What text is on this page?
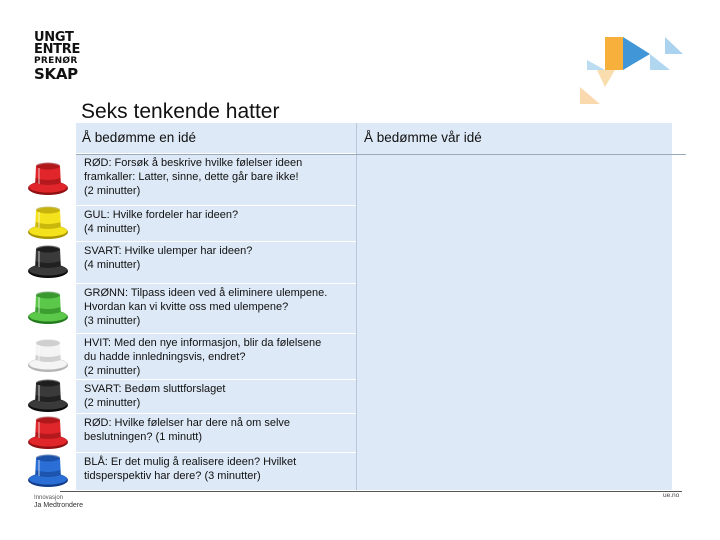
UNGT
ENTRE
PRENØR
SKAP
Seks tenkende hatter
Å bedømme en idé
RØD: Forsøk å beskrive hvilke følelser ideen
framkaller: Latter, sinne, dette går bare ikke!
(2 minutter)
GUL: Hvilke fordeler har ideen?
(4 minutter)
SVART: Hvilke ulemper har ideen?
(4 minutter)
GRØNN: Tilpass ideen ved å eliminere ulempene.
Hvordan kan vi kvitte oss med ulempene?
(3 minutter)
HVIT: Med den nye informasjon, blir da følelsene
du hadde innledningsvis, endret?
(2 minutter)
SVART: Bedøm sluttforslaget
(2 minutter)
RØD: Hvilke følelser har dere nå om selve
beslutningen? (1 minutt)
BLÅ: Er det mulig å realisere ideen? Hvilket
tidsperspektiv har dere? (3 minutter)
Å bedømme vår idé
Innovasjon
Ja Medtrondere
ue.no
